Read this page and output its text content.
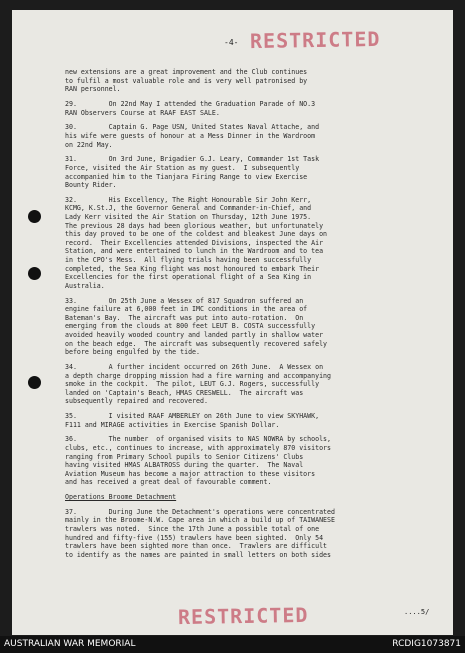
RESTRICTED
-4-
new extensions are a great improvement and the Club continues
to fulfil a most valuable role and is very well patronised by
RAN personnel.
29.        On 22nd May I attended the Graduation Parade of NO.3
RAN Observers Course at RAAF EAST SALE.
30.        Captain G. Page USN, United States Naval Attache, and
his wife were guests of honour at a Mess Dinner in the Wardroom
on 22nd May.
31.        On 3rd June, Brigadier G.J. Leary, Commander 1st Task
Force, visited the Air Station as my guest.  I subsequently
accompanied him to the Tianjara Firing Range to view Exercise
Bounty Rider.
32.        His Excellency, The Right Honourable Sir John Kerr,
KCMG, K.St.J, the Governor General and Commander-in-Chief, and
Lady Kerr visited the Air Station on Thursday, 12th June 1975.
The previous 28 days had been glorious weather, but unfortunately
this day proved to be one of the coldest and bleakest June days on
record.  Their Excellencies attended Divisions, inspected the Air
Station, and were entertained to lunch in the Wardroom and to tea
in the CPO's Mess.  All flying trials having been successfully
completed, the Sea King flight was most honoured to embark Their
Excellencies for the first operational flight of a Sea King in
Australia.
33.        On 25th June a Wessex of 817 Squadron suffered an
engine failure at 6,000 feet in IMC conditions in the area of
Bateman's Bay.  The aircraft was put into auto-rotation.  On
emerging from the clouds at 800 feet LEUT B. COSTA successfully
avoided heavily wooded country and landed partly in shallow water
on the beach edge.  The aircraft was subsequently recovered safely
before being engulfed by the tide.
34.        A further incident occurred on 26th June.  A Wessex on
a depth charge dropping mission had a fire warning and accompanying
smoke in the cockpit.  The pilot, LEUT G.J. Rogers, successfully
landed on 'Captain's Beach, HMAS CRESWELL.  The aircraft was
subsequently repaired and recovered.
35.        I visited RAAF AMBERLEY on 26th June to view SKYHAWK,
F111 and MIRAGE activities in Exercise Spanish Dollar.
36.        The number  of organised visits to NAS NOWRA by schools,
clubs, etc., continues to increase, with approximately 870 visitors
ranging from Primary School pupils to Senior Citizens' Clubs
having visited HMAS ALBATROSS during the quarter.  The Naval
Aviation Museum has become a major attraction to these visitors
and has received a great deal of favourable comment.
Operations Broome Detachment
37.        During June the Detachment's operations were concentrated
mainly in the Broome-N.W. Cape area in which a build up of TAIWANESE
trawlers was noted.  Since the 17th June a possible total of one
hundred and fifty-five (155) trawlers have been sighted.  Only 54
trawlers have been sighted more than once.  Trawlers are difficult
to identify as the names are painted in small letters on both sides
....5/
RESTRICTED
AUSTRALIAN WAR MEMORIAL	RCDIG1073871
